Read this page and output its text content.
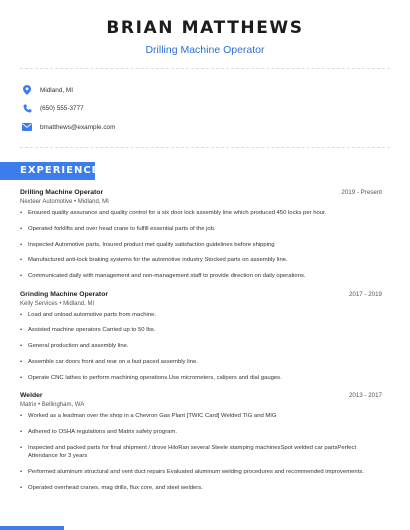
BRIAN MATTHEWS
Drilling Machine Operator
Midland, MI
(650) 555-3777
bmatthews@example.com
EXPERIENCE
Drilling Machine Operator	2019 - Present
Nexteer Automotive • Midland, MI
• Ensured quality assurance and quality control for a six door lock assembly line which produced 450 locks per hour.
• Operated forklifts and over head crane to fulfill essential parts of the job.
• Inspected Automotive parts, Insured product met quality satisfaction guidelines before shipping
• Manufactured anti-lock braking systems for the automotive industry Stocked parts on assembly line.
• Communicated daily with management and non-management staff to provide direction on daily operations.
Grinding Machine Operator	2017 - 2019
Kelly Services • Midland, MI
• Load and unload automotive parts from machine.
• Assisted machine operators Carried up to 50 lbs.
• General production and assembly line.
• Assemble car doors front and rear on a fast paced assembly line.
• Operate CNC lathes to perform machining operations.Use micrometers, calipers and dial gauges.
Welder	2013 - 2017
Matrix • Bellingham, WA
• Worked as a leadman over the shop in a Chevron Gas Plant [TWIC Card] Welded TIG and MIG
• Adhered to OSHA regulations and Matrix safety program.
• Inspected and packed parts for final shipment / drove HiloRan several Steele stamping machinesSpot welded car partsPerfect Attendance for 3 years
• Performed aluminum structural and vent duct repairs Evaluated aluminum welding procedures and recommended improvements.
• Operated overhead cranes, mag drills, flux core, and steel welders.
